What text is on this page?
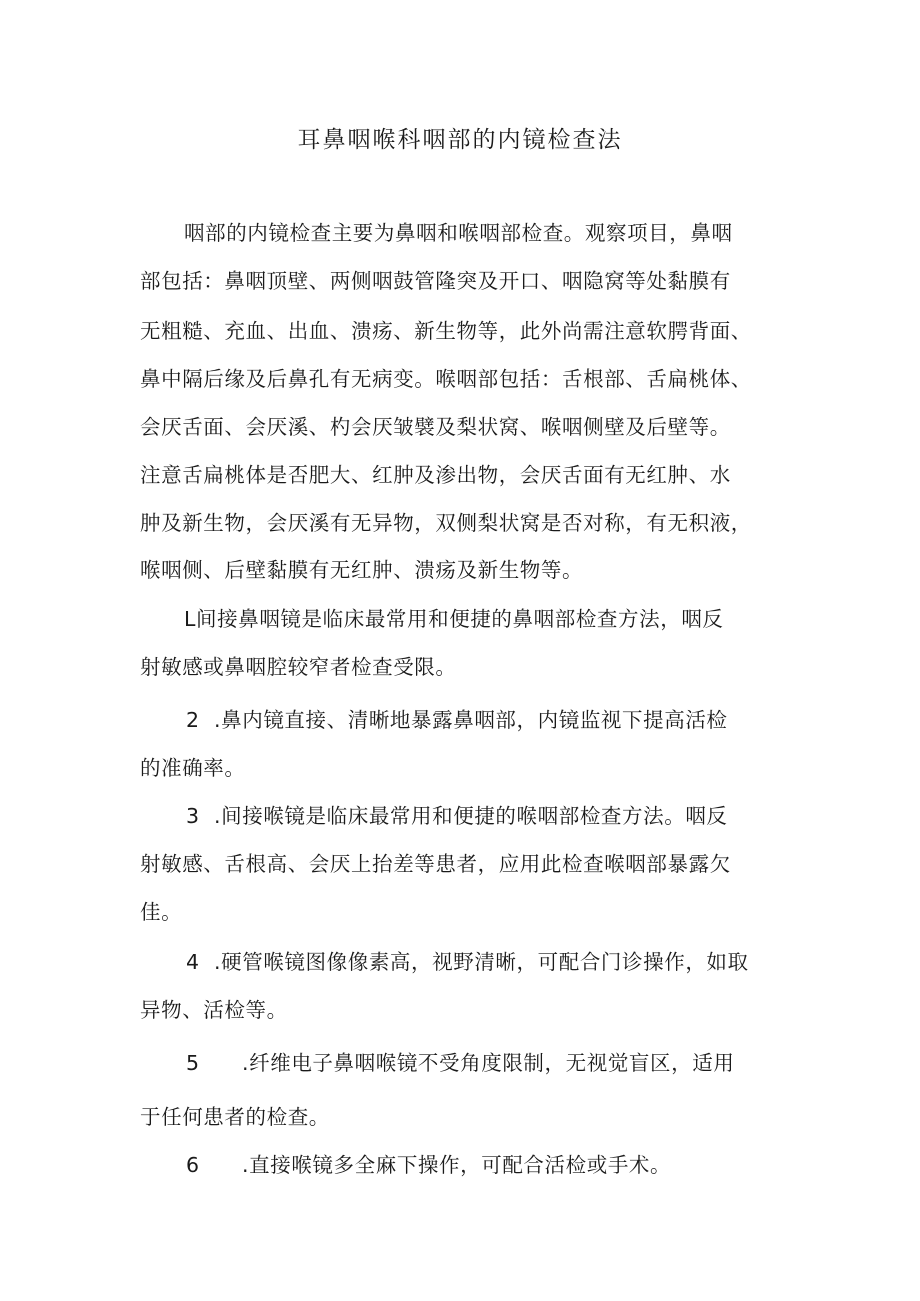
耳鼻咽喉科咽部的内镜检查法
咽部的内镜检查主要为鼻咽和喉咽部检查。观察项目，鼻咽
部包括：鼻咽顶壁、两侧咽鼓管隆突及开口、咽隐窝等处黏膜有
无粗糙、充血、出血、溃疡、新生物等，此外尚需注意软腭背面、
鼻中隔后缘及后鼻孔有无病变。喉咽部包括：舌根部、舌扁桃体、
会厌舌面、会厌溪、杓会厌皱襞及梨状窝、喉咽侧壁及后壁等。
注意舌扁桃体是否肥大、红肿及渗出物，会厌舌面有无红肿、水
肿及新生物，会厌溪有无异物，双侧梨状窝是否对称，有无积液，
喉咽侧、后壁黏膜有无红肿、溃疡及新生物等。
L间接鼻咽镜是临床最常用和便捷的鼻咽部检查方法，咽反
射敏感或鼻咽腔较窄者检查受限。
2 .鼻内镜直接、清晰地暴露鼻咽部，内镜监视下提高活检
的准确率。
3 .间接喉镜是临床最常用和便捷的喉咽部检查方法。咽反
射敏感、舌根高、会厌上抬差等患者，应用此检查喉咽部暴露欠
佳。
4 .硬管喉镜图像像素高，视野清晰，可配合门诊操作，如取
异物、活检等。
5 .纤维电子鼻咽喉镜不受角度限制，无视觉盲区，适用
于任何患者的检查。
6 .直接喉镜多全麻下操作，可配合活检或手术。
